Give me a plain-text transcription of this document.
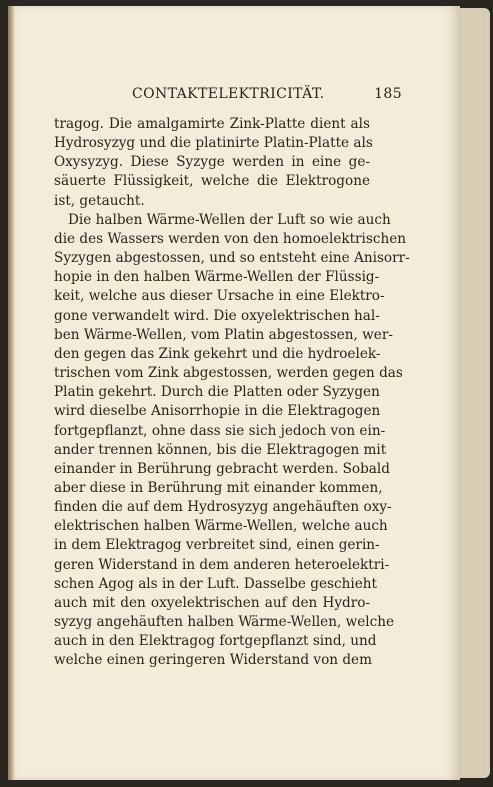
CONTAKTELEKTRICITÄT.	185
tragog. Die amalgamirte Zink-Platte dient als
Hydrosyzyg und die platinirte Platin-Platte als
Oxysyzyg. Diese Syzyge werden in eine ge-
säuerte Flüssigkeit, welche die Elektrogone
ist, getaucht.
Die halben Wärme-Wellen der Luft so wie auch
die des Wassers werden von den homoelektrischen
Syzygen abgestossen, und so entsteht eine Anisorr-
hopie in den halben Wärme-Wellen der Flüssig-
keit, welche aus dieser Ursache in eine Elektro-
gone verwandelt wird. Die oxyelektrischen hal-
ben Wärme-Wellen, vom Platin abgestossen, wer-
den gegen das Zink gekehrt und die hydroelek-
trischen vom Zink abgestossen, werden gegen das
Platin gekehrt. Durch die Platten oder Syzygen
wird dieselbe Anisorrhopie in die Elektragogen
fortgepflanzt, ohne dass sie sich jedoch von ein-
ander trennen können, bis die Elektragogen mit
einander in Berührung gebracht werden. Sobald
aber diese in Berührung mit einander kommen,
finden die auf dem Hydrosyzyg angehäuften oxy-
elektrischen halben Wärme-Wellen, welche auch
in dem Elektragog verbreitet sind, einen gerin-
geren Widerstand in dem anderen heteroelektri-
schen Agog als in der Luft. Dasselbe geschieht
auch mit den oxyelektrischen auf den Hydro-
syzyg angehäuften halben Wärme-Wellen, welche
auch in den Elektragog fortgepflanzt sind, und
welche einen geringeren Widerstand von dem
